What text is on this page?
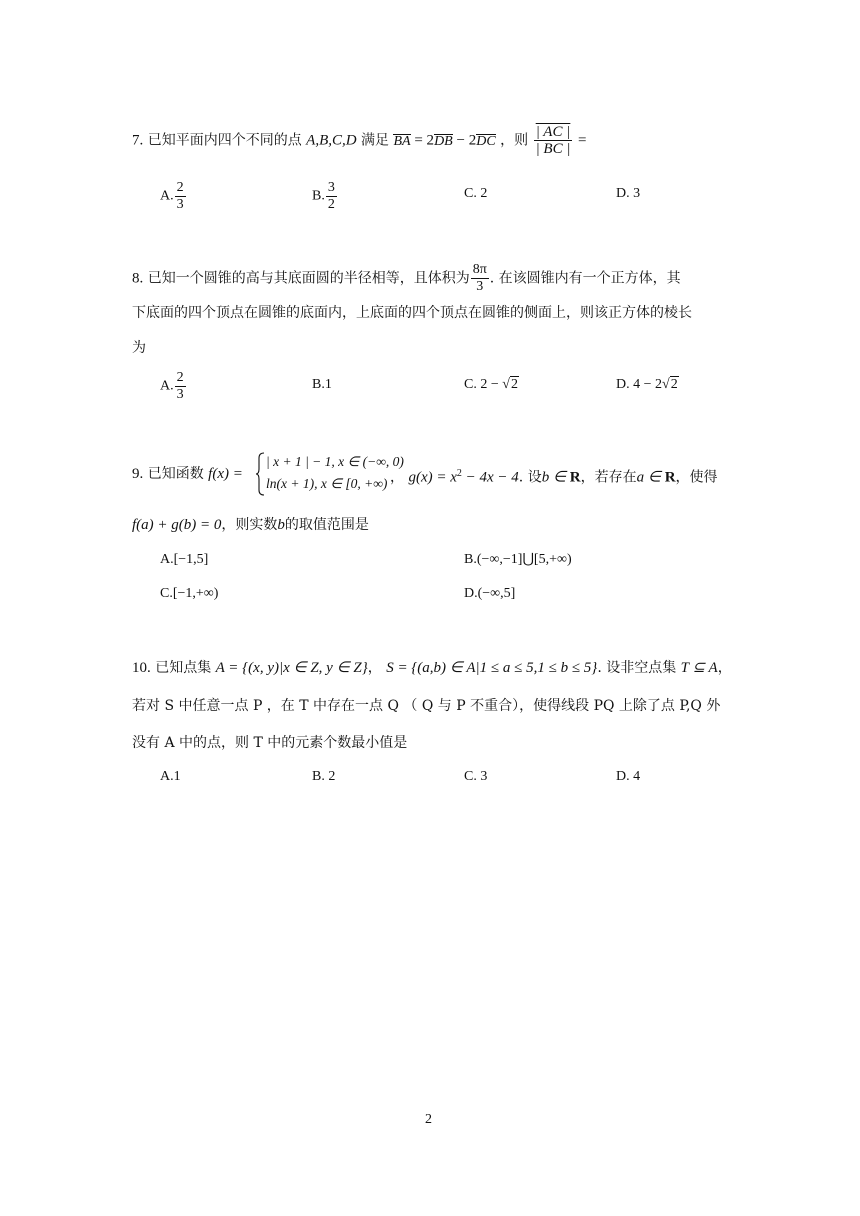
7. 已知平面内四个不同的点 A,B,C,D 满足 BA = 2DB − 2DC ，则 $\frac{| AC |}{| BC |}$ =
A. $\frac{2}{3}$	B. $\frac{3}{2}$	C. 2	D. 3
8. 已知一个圆锥的高与其底面圆的半径相等，且体积为 $\frac{8\pi}{3}$ . 在该圆锥内有一个正方体，其
下底面的四个顶点在圆锥的底面内，上底面的四个顶点在圆锥的侧面上，则该正方体的棱长
为
A. $\frac{2}{3}$	B.1	C. 2 − √2	D. 4 − 2√2
9. 已知函数 f(x) =
| x + 1 | − 1, x ∈ (−∞, 0)
ln(x + 1), x ∈ [0, +∞) ， $g(x) = x^2 - 4x - 4$. 设b ∈ R，若存在a ∈ R，使得
f(a) + g(b) = 0，则实数b的取值范围是
A.[−1,5]	B.(−∞,−1]⋃[5,+∞)
C.[−1,+∞)	D.(−∞,5]
10. 已知点集 A = {(x, y)|x ∈ Z, y ∈ Z}， S = {(a,b) ∈ A|1 ≤ a ≤ 5,1 ≤ b ≤ 5}. 设非空点集 T ⊆ A，
若对 S 中任意一点 P ，在 T 中存在一点 Q （ Q 与 P 不重合），使得线段 PQ 上除了点 P,Q 外
没有 A 中的点，则 T 中的元素个数最小值是
A.1	B. 2	C. 3	D. 4
2
